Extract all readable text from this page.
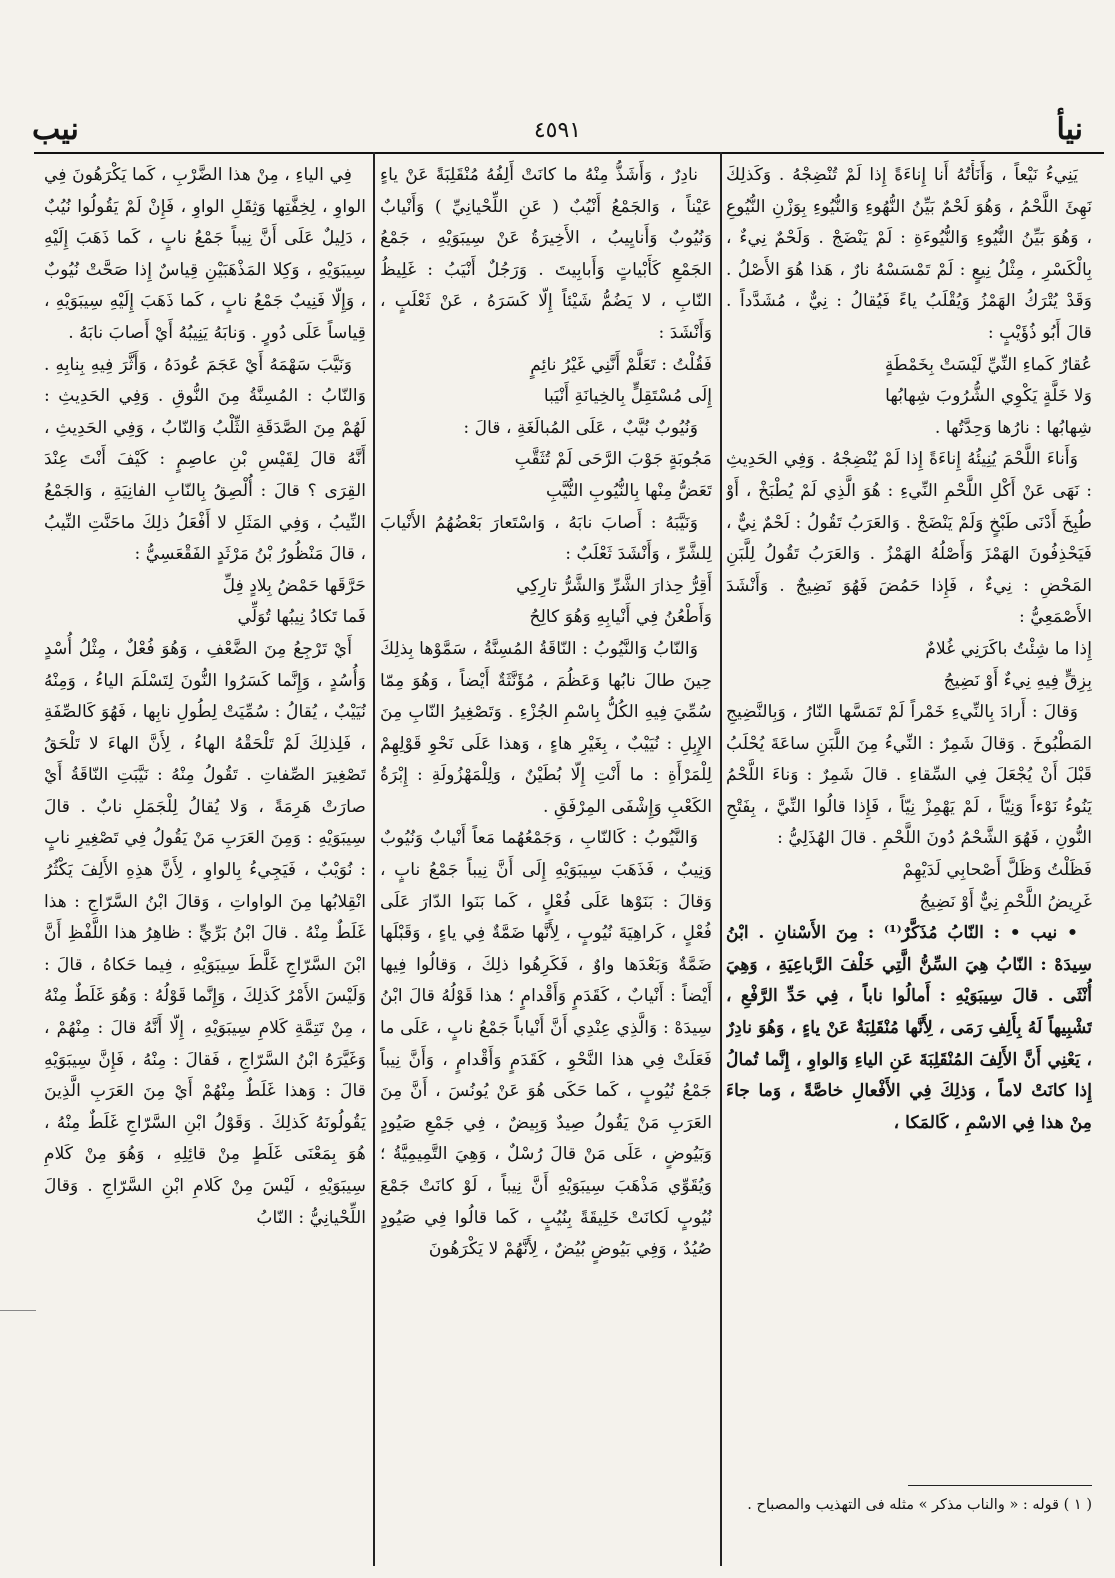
نيأ
٤٥٩١
نيب

يَنِيءُ نَيْعاً ، وَأَنَأْتُهُ أَنا إِناءَةً إِذا لَمْ تُنْضِجْهُ . وَكَذلِكَ نَهِئَ اللَّحْمُ ، وَهُوَ لَحْمٌ بَيِّنُ النُّهُوءِ وَالنُّيُوءِ بِوَزْنِ النُّيُوعِ ، وَهُوَ بَيِّنُ النُّيُوءِ وَالنُّيُوءَةِ : لَمْ يَنْضَجْ . وَلَحْمٌ نِيءٌ ، بِالْكَسْرِ ، مِثْلُ نِيعٍ : لَمْ تَمْسَسْهُ نارٌ ، هَذا هُوَ الأَصْلُ . وَقَدْ يُتْرَكُ الهَمْزُ وَيُقْلَبُ ياءً فَيُقالُ : نِيٌّ ، مُشَدَّداً . قالَ أَبُو ذُؤَيْبٍ :

عُقارٌ كَماءِ النِّيِّ لَيْسَتْ بِخَمْطَةٍ
وَلا خَلَّةٍ يَكْوِي الشُّرُوبَ شِهابُها
شِهابُها : نارُها وَحِدَّتُها .

وَأَناءَ اللَّحْمَ يُنِيئُهُ إِناءَةً إِذا لَمْ يُنْضِجْهُ . وَفِي الحَدِيثِ : نَهَى عَنْ أَكْلِ اللَّحْمِ النِّيءِ : هُوَ الَّذِي لَمْ يُطْبَخْ ، أَوْ طُبِخَ أَدْنَى طَبْخٍ وَلَمْ يَنْضَجْ . وَالعَرَبُ تَقُولُ : لَحْمٌ نِيٌّ ، فَيَحْذِفُونَ الهَمْزَ وَأَصْلُهُ الهَمْزُ . وَالعَرَبُ تَقُولُ لِلَّبَنِ المَحْضِ : نِيءٌ ، فَإِذا حَمُضَ فَهُوَ نَضِيجٌ . وَأَنْشَدَ الأَصْمَعِيُّ :

إِذا ما شِئْتُ باكَرَنِي غُلامٌ
بِزِقٍّ فِيهِ نِيءٌ أَوْ نَضِيجُ

وَقالَ : أَرادَ بِالنِّيءِ خَمْراً لَمْ تَمَسَّها النّارُ ، وَبِالنَّضِيجِ المَطْبُوخَ . وَقالَ شَمِرٌ : النِّيءُ مِنَ اللَّبَنِ ساعَةَ يُحْلَبُ قَبْلَ أَنْ يُجْعَلَ فِي السِّقاءِ . قالَ شَمِرٌ : وَناءَ اللَّحْمُ يَنُوءُ نَوْءاً وَنِيّاً ، لَمْ يَهْمِزْ نِيّاً ، فَإِذا قالُوا النِّيَّ ، بِفَتْحِ النُّونِ ، فَهُوَ الشَّحْمُ دُونَ اللَّحْمِ . قالَ الهُذَلِيُّ :

فَظَلْتُ وَظَلَّ أَصْحابِي لَدَيْهِمْ
غَرِيضُ اللَّحْمِ نِيٌّ أَوْ نَضِيجُ

• نيب • : النّابُ مُذَكَّرٌ⁽¹⁾ : مِنَ الأَسْنانِ . ابْنُ سِيدَهْ : النّابُ هِيَ السِّنُّ الَّتِي خَلْفَ الرَّباعِيَةِ ، وَهِيَ أُنْثَى . قالَ سِيبَوَيْهِ : أَمالُوا ناباً ، فِي حَدِّ الرَّفْعِ ، تَشْبِيهاً لَهُ بِأَلِفِ رَمَى ، لِأَنَّها مُنْقَلِبَةٌ عَنْ ياءٍ ، وَهُوَ نادِرٌ ، يَعْنِي أَنَّ الأَلِفَ المُنْقَلِبَةَ عَنِ الياءِ وَالواوِ ، إِنَّما تُمالُ إِذا كانَتْ لاماً ، وَذلِكَ فِي الأَفْعالِ خاصَّةً ، وَما جاءَ مِنْ هذا فِي الاسْمِ ، كَالمَكا ،

نادِرٌ ، وَأَشَذُّ مِنْهُ ما كانَتْ أَلِفُهُ مُنْقَلِبَةً عَنْ ياءٍ عَيْناً ، وَالجَمْعُ أَنْيُبٌ ( عَنِ اللِّحْيانِيِّ ) وَأَنْيابٌ وَنُيُوبٌ وَأَنايِيبُ ، الأَخِيرَةُ عَنْ سِيبَوَيْهِ ، جَمْعُ الجَمْعِ كَأَبْياتٍ وَأَبابِيتَ . وَرَجُلٌ أَنْيَبُ : غَلِيظُ النّابِ ، لا يَضُمُّ شَيْئاً إِلّا كَسَرَهُ ، عَنْ ثَعْلَبٍ ، وَأَنْشَدَ :

فَقُلْتُ : تَعَلَّمْ أَنَّنِي غَيْرُ نائِمٍ
إِلَى مُسْتَقِلٍّ بِالخِيانَةِ أَنْيَبا

وَنُيُوبٌ نُيَّبٌ ، عَلَى المُبالَغَةِ ، قالَ :

مَجُوبَةٍ جَوْبَ الرَّحَى لَمْ تُثَقَّبِ
تَعَضُّ مِنْها بِالنُّيُوبِ النُّيَّبِ

وَنَيَّبَهُ : أَصابَ نابَهُ ، وَاسْتَعارَ بَعْضُهُمُ الأَنْيابَ لِلشَّرِّ ، وَأَنْشَدَ ثَعْلَبٌ :

أَقِرُّ حِذارَ الشَّرِّ وَالشَّرُّ تارِكِي
وَأَطْعُنُ فِي أَنْيابِهِ وَهُوَ كالِحُ

وَالنّابُ وَالنَّيُوبُ : النّاقَةُ المُسِنَّةُ ، سَمَّوْها بِذلِكَ حِينَ طالَ نابُها وَعَظُمَ ، مُؤَنَّثَةٌ أَيْضاً ، وَهُوَ مِمّا سُمِّيَ فِيهِ الكُلُّ بِاسْمِ الجُزْءِ . وَتَصْغِيرُ النّابِ مِنَ الإِبِلِ : نُيَيْبٌ ، بِغَيْرِ هاءٍ ، وَهذا عَلَى نَحْوِ قَوْلِهِمْ لِلْمَرْأَةِ : ما أَنْتِ إِلّا بُطَيْنٌ ، وَلِلْمَهْزُولَةِ : إِبْرَةُ الكَعْبِ وَإِشْفَى المِرْفَقِ .

وَالنَّيُوبُ : كَالنّابِ ، وَجَمْعُهُما مَعاً أَنْيابٌ وَنُيُوبٌ وَنِيبٌ ، فَذَهَبَ سِيبَوَيْهِ إِلَى أَنَّ نِيباً جَمْعُ نابٍ ، وَقالَ : بَنَوْها عَلَى فُعْلٍ ، كَما بَنَوا الدّارَ عَلَى فُعْلٍ ، كَراهِيَةَ نُيُوبٍ ، لِأَنَّها ضَمَّةٌ فِي ياءٍ ، وَقَبْلَها ضَمَّةٌ وَبَعْدَها واوٌ ، فَكَرِهُوا ذلِكَ ، وَقالُوا فِيها أَيْضاً : أَنْيابٌ ، كَقَدَمٍ وَأَقْدامٍ ؛ هذا قَوْلُهُ قالَ ابْنُ سِيدَهْ : وَالَّذِي عِنْدِي أَنَّ أَنْياباً جَمْعُ نابٍ ، عَلَى ما فَعَلَتْ فِي هذا النَّحْوِ ، كَقَدَمٍ وَأَقْدامٍ ، وَأَنَّ نِيباً جَمْعُ نُيُوبٍ ، كَما حَكَى هُوَ عَنْ يُونُسَ ، أَنَّ مِنَ العَرَبِ مَنْ يَقُولُ صِيدٌ وَبِيضٌ ، فِي جَمْعِ صَيُودٍ وَبَيُوضٍ ، عَلَى مَنْ قالَ رُسْلٌ ، وَهِيَ التَّمِيمِيَّةُ ؛ وَيُقَوِّي مَذْهَبَ سِيبَوَيْهِ أَنَّ نِيباً ، لَوْ كانَتْ جَمْعَ نُيُوبٍ لَكانَتْ خَلِيقَةً بِنُيُبٍ ، كَما قالُوا فِي صَيُودٍ صُيُدٌ ، وَفِي بَيُوضٍ بُيُضٌ ، لِأَنَّهُمْ لا يَكْرَهُونَ

فِي الياءِ ، مِنْ هذا الضَّرْبِ ، كَما يَكْرَهُونَ فِي الواوِ ، لِخِفَّتِها وَثِقَلِ الواوِ ، فَإِنْ لَمْ يَقُولُوا نُيُبٌ ، دَلِيلٌ عَلَى أَنَّ نِيباً جَمْعُ نابٍ ، كَما ذَهَبَ إِلَيْهِ سِيبَوَيْهِ ، وَكِلا المَذْهَبَيْنِ قِياسٌ إِذا صَحَّتْ نُيُوبٌ ، وَإِلّا فَنِيبٌ جَمْعُ نابٍ ، كَما ذَهَبَ إِلَيْهِ سِيبَوَيْهِ ، قِياساً عَلَى دُورٍ . وَنابَهُ يَنِيبُهُ أَيْ أَصابَ نابَهُ .

وَنَيَّبَ سَهْمَهُ أَيْ عَجَمَ عُودَهُ ، وَأَثَّرَ فِيهِ بِنابِهِ . وَالنّابُ : المُسِنَّةُ مِنَ النُّوقِ . وَفِي الحَدِيثِ : لَهُمْ مِنَ الصَّدَقَةِ الثِّلْبُ وَالنّابُ ، وَفِي الحَدِيثِ ، أَنَّهُ قالَ لِقَيْسِ بْنِ عاصِمٍ : كَيْفَ أَنْتَ عِنْدَ القِرَى ؟ قالَ : أُلْصِقُ بِالنّابِ الفانِيَةِ ، وَالجَمْعُ النِّيبُ ، وَفِي المَثَلِ لا أَفْعَلُ ذلِكَ ماحَنَّتِ النِّيبُ ، قالَ مَنْظُورُ بْنُ مَرْثَدٍ الفَقْعَسِيُّ :

حَرَّقَها حَمْضُ بِلادٍ فِلِّ
فَما تَكادُ نِيبُها تُوَلِّي

أَيْ تَرْجِعُ مِنَ الضَّعْفِ ، وَهُوَ فُعْلٌ ، مِثْلُ أُسْدٍ وَأُسُدٍ ، وَإِنَّما كَسَرُوا النُّونَ لِتَسْلَمَ الياءُ ، وَمِنْهُ نُيَيْبٌ ، يُقالُ : سُمِّيَتْ لِطُولِ نابِها ، فَهُوَ كَالصِّفَةِ ، فَلِذلِكَ لَمْ تَلْحَقْهُ الهاءُ ، لِأَنَّ الهاءَ لا تَلْحَقُ تَصْغِيرَ الصِّفاتِ . تَقُولُ مِنْهُ : نَيَّبَتِ النّاقَةُ أَيْ صارَتْ هَرِمَةً ، وَلا يُقالُ لِلْجَمَلِ نابٌ . قالَ سِيبَوَيْهِ : وَمِنَ العَرَبِ مَنْ يَقُولُ فِي تَصْغِيرِ نابٍ : نُوَيْبٌ ، فَيَجِيءُ بِالواوِ ، لِأَنَّ هذِهِ الأَلِفَ يَكْثُرُ انْقِلابُها مِنَ الواواتِ ، وَقالَ ابْنُ السَّرّاجِ : هذا غَلَطٌ مِنْهُ . قالَ ابْنُ بَرِّيٍّ : ظاهِرُ هذا اللَّفْظِ أَنَّ ابْنَ السَّرّاجِ غَلَّطَ سِيبَوَيْهِ ، فِيما حَكاهُ ، قالَ : وَلَيْسَ الأَمْرُ كَذلِكَ ، وَإِنَّما قَوْلُهُ : وَهُوَ غَلَطٌ مِنْهُ ، مِنْ تَتِمَّةِ كَلامِ سِيبَوَيْهِ ، إِلّا أَنَّهُ قالَ : مِنْهُمْ ، وَغَيَّرَهُ ابْنُ السَّرّاجِ ، فَقالَ : مِنْهُ ، فَإِنَّ سِيبَوَيْهِ قالَ : وَهذا غَلَطٌ مِنْهُمْ أَيْ مِنَ العَرَبِ الَّذِينَ يَقُولُونَهُ كَذلِكَ . وَقَوْلُ ابْنِ السَّرّاجِ غَلَطٌ مِنْهُ ، هُوَ بِمَعْنَى غَلَطٍ مِنْ قائِلِهِ ، وَهُوَ مِنْ كَلامِ سِيبَوَيْهِ ، لَيْسَ مِنْ كَلامِ ابْنِ السَّرّاجِ . وَقالَ اللِّحْيانِيُّ : النّابُ

( ١ ) قوله : « والناب مذكر » مثله فى التهذيب والمصباح .
